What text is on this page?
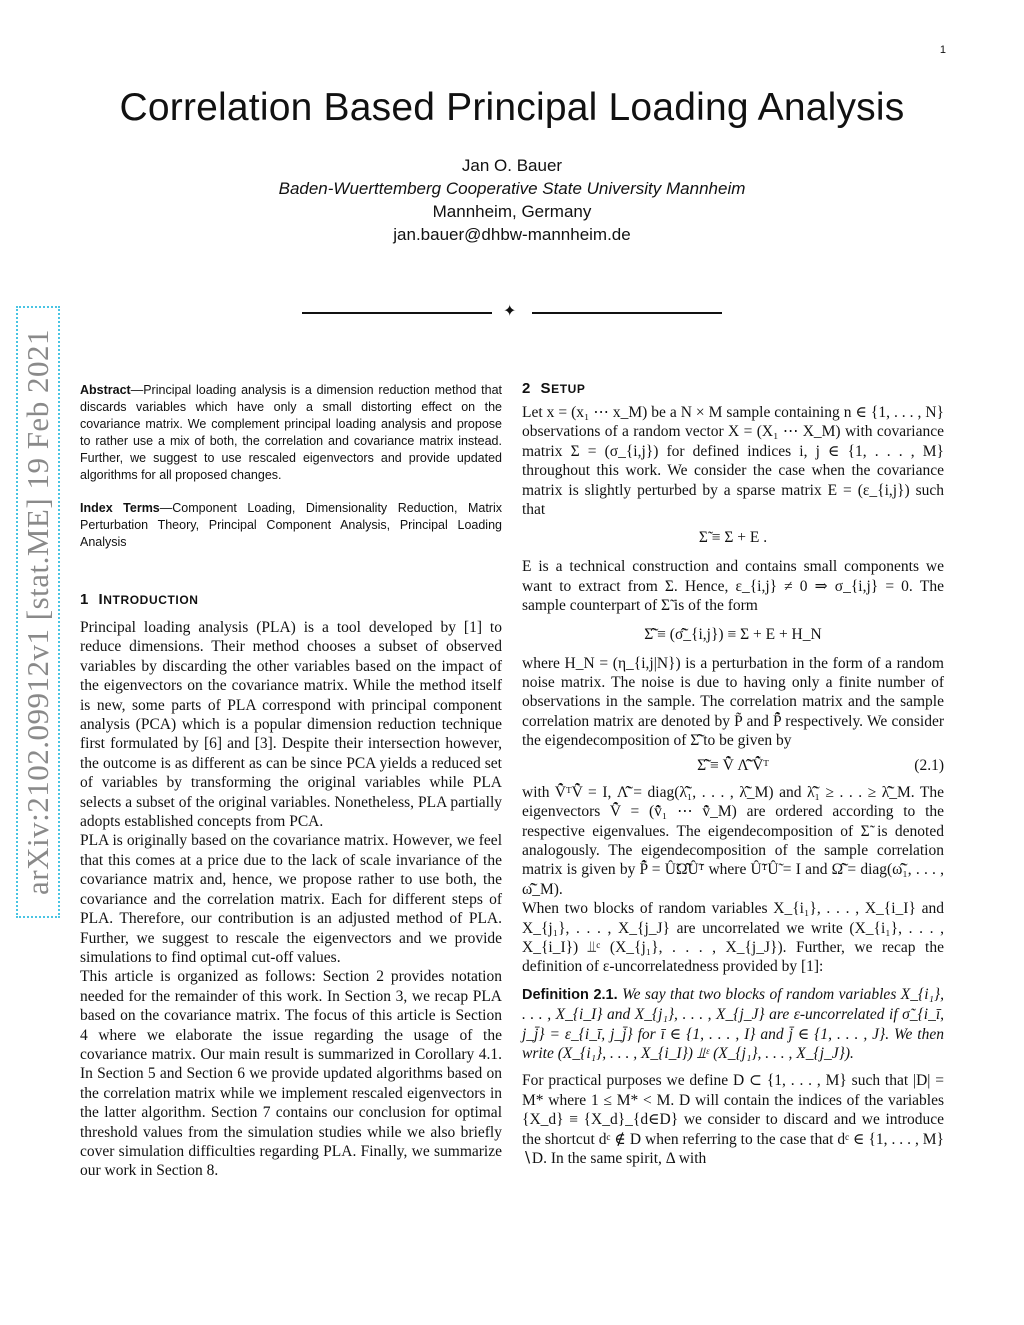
1
Correlation Based Principal Loading Analysis
Jan O. Bauer
Baden-Wuerttemberg Cooperative State University Mannheim
Mannheim, Germany
jan.bauer@dhbw-mannheim.de
✦
arXiv:2102.09912v1 [stat.ME] 19 Feb 2021 Abstract—Principal loading analysis is a dimension reduction method that discards variables which have only a small distorting effect on the covariance matrix. We complement principal loading analysis and propose to rather use a mix of both, the correlation and covariance matrix instead. Further, we suggest to use rescaled eigenvectors and provide updated algorithms for all proposed changes.

Index Terms—Component Loading, Dimensionality Reduction, Matrix Perturbation Theory, Principal Component Analysis, Principal Loading Analysis

1 INTRODUCTION

Principal loading analysis (PLA) is a tool developed by [1] to reduce dimensions. Their method chooses a subset of observed variables by discarding the other variables based on the impact of the eigenvectors on the covariance matrix. While the method itself is new, some parts of PLA correspond with principal component analysis (PCA) which is a popular dimension reduction technique first formulated by [6] and [3]. Despite their intersection however, the outcome is as different as can be since PCA yields a reduced set of variables by transforming the original variables while PLA selects a subset of the original variables. Nonetheless, PLA partially adopts established concepts from PCA.

PLA is originally based on the covariance matrix. However, we feel that this comes at a price due to the lack of scale invariance of the covariance matrix and, hence, we propose rather to use both, the covariance and the correlation matrix. Each for different steps of PLA. Therefore, our contribution is an adjusted method of PLA. Further, we suggest to rescale the eigenvectors and we provide simulations to find optimal cut-off values.

This article is organized as follows: Section 2 provides notation needed for the remainder of this work. In Section 3, we recap PLA based on the covariance matrix. The focus of this article is Section 4 where we elaborate the issue regarding the usage of the covariance matrix. Our main result is summarized in Corollary 4.1. In Section 5 and Section 6 we provide updated algorithms based on the correlation matrix while we implement rescaled eigenvectors in the latter algorithm. Section 7 contains our conclusion for optimal threshold values from the simulation studies while we also briefly cover simulation difficulties regarding PLA. Finally, we summarize our work in Section 8.

2 SETUP

Let x = (x₁ ⋯ x_M) be a N × M sample containing n ∈ {1, . . . , N} observations of a random vector X = (X₁ ⋯ X_M) with covariance matrix Σ = (σ_{i,j}) for defined indices i, j ∈ {1, . . . , M} throughout this work. We consider the case when the covariance matrix is slightly perturbed by a sparse matrix E = (ε_{i,j}) such that

Σ̃ ≡ Σ + E .

E is a technical construction and contains small components we want to extract from Σ. Hence, ε_{i,j} ≠ 0 ⇒ σ_{i,j} = 0. The sample counterpart of Σ̃ is of the form

Σ̃̂ ≡ (σ̃̂_{i,j}) ≡ Σ + E + H_N

where H_N = (η_{i,j|N}) is a perturbation in the form of a random noise matrix. The noise is due to having only a finite number of observations in the sample. The correlation matrix and the sample correlation matrix are denoted by P̃ and P̃̂ respectively. We consider the eigendecomposition of Σ̃̂ to be given by

Σ̃̂ ≡ V̂̃ Λ̂̃ V̂̃ᵀ	(2.1)

with V̂̃ᵀV̂̃ = I, Λ̂̃ = diag(λ̂̃₁, . . . , λ̂̃_M) and λ̂̃₁ ≥ . . . ≥ λ̂̃_M. The eigenvectors V̂̃ = (v̂̃₁ ⋯ v̂̃_M) are ordered according to the respective eigenvalues. The eigendecomposition of Σ̃ is denoted analogously. The eigendecomposition of the sample correlation matrix is given by P̃̂ = Û̃Ω̂̃Û̃ᵀ where Û̃ᵀÛ̃ = I and Ω̂̃ = diag(ω̂̃₁, . . . , ω̂̃_M).

When two blocks of random variables X_{i₁}, . . . , X_{i_I} and X_{j₁}, . . . , X_{j_J} are uncorrelated we write (X_{i₁}, . . . , X_{i_I}) ⫫ᶜ (X_{j₁}, . . . , X_{j_J}). Further, we recap the definition of ε-uncorrelatedness provided by [1]:

Definition 2.1. We say that two blocks of random variables X_{i₁}, . . . , X_{i_I} and X_{j₁}, . . . , X_{j_J} are ε-uncorrelated if σ̃_{i_ī, j_j̄} = ε_{i_ī, j_j̄} for ī ∈ {1, . . . , I} and j̄ ∈ {1, . . . , J}. We then write (X_{i₁}, . . . , X_{i_I}) ⫫ᵋ (X_{j₁}, . . . , X_{j_J}).

For practical purposes we define D ⊂ {1, . . . , M} such that |D| = M* where 1 ≤ M* < M. D will contain the indices of the variables {X_d} ≡ {X_d}_{d∈D} we consider to discard and we introduce the shortcut dᶜ ∉ D when referring to the case that dᶜ ∈ {1, . . . , M}∖D. In the same spirit, Δ with
